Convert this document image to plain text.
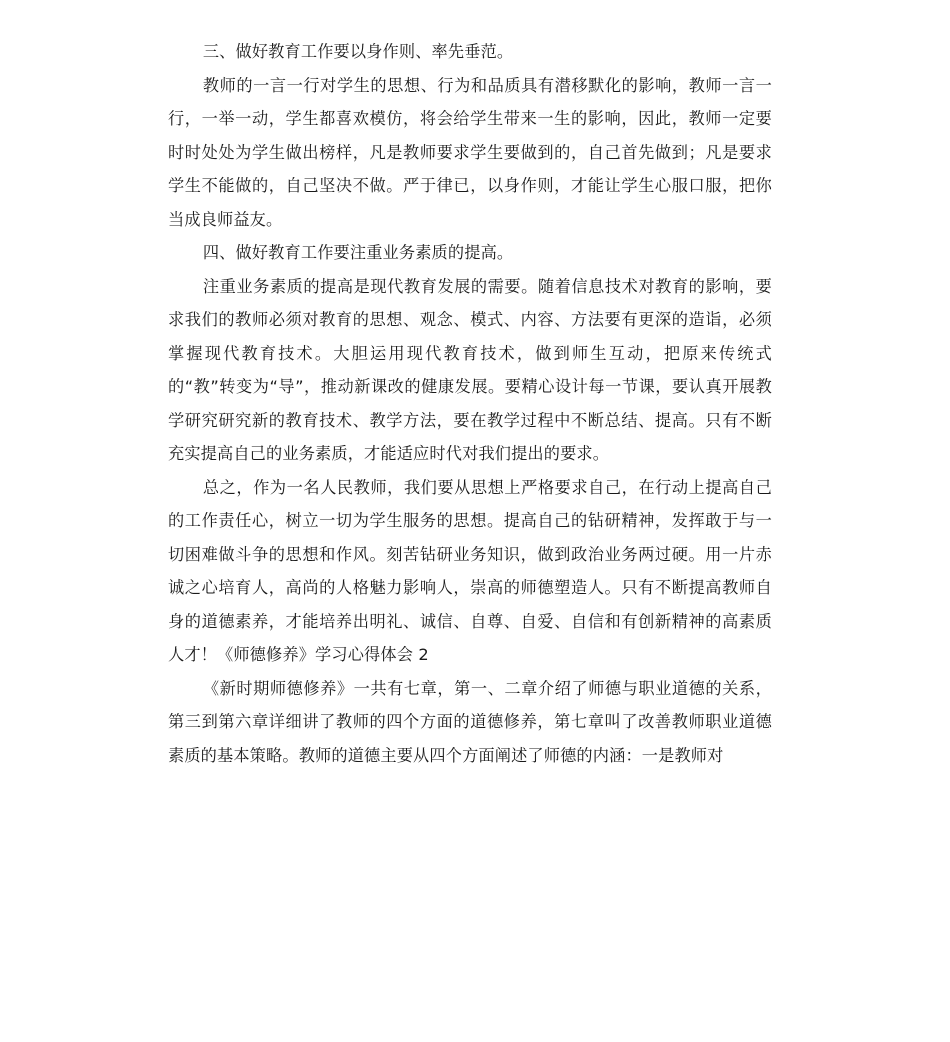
三、做好教育工作要以身作则、率先垂范。

教师的一言一行对学生的思想、行为和品质具有潜移默化的影响，教师一言一行，一举一动，学生都喜欢模仿，将会给学生带来一生的影响，因此，教师一定要时时处处为学生做出榜样，凡是教师要求学生要做到的，自己首先做到；凡是要求学生不能做的，自己坚决不做。严于律已，以身作则，才能让学生心服口服，把你当成良师益友。

四、做好教育工作要注重业务素质的提高。

注重业务素质的提高是现代教育发展的需要。随着信息技术对教育的影响，要求我们的教师必须对教育的思想、观念、模式、内容、方法要有更深的造诣，必须掌握现代教育技术。大胆运用现代教育技术，做到师生互动，把原来传统式的“教”转变为“导”，推动新课改的健康发展。要精心设计每一节课，要认真开展教学研究研究新的教育技术、教学方法，要在教学过程中不断总结、提高。只有不断充实提高自己的业务素质，才能适应时代对我们提出的要求。

总之，作为一名人民教师，我们要从思想上严格要求自己，在行动上提高自己的工作责任心，树立一切为学生服务的思想。提高自己的钻研精神，发挥敢于与一切困难做斗争的思想和作风。刻苦钻研业务知识，做到政治业务两过硬。用一片赤诚之心培育人，高尚的人格魅力影响人，崇高的师德塑造人。只有不断提高教师自身的道德素养，才能培养出明礼、诚信、自尊、自爱、自信和有创新精神的高素质人才！《师德修养》学习心得体会 2

《新时期师德修养》一共有七章，第一、二章介绍了师德与职业道德的关系，第三到第六章详细讲了教师的四个方面的道德修养，第七章叫了改善教师职业道德素质的基本策略。教师的道德主要从四个方面阐述了师德的内涵：一是教师对
